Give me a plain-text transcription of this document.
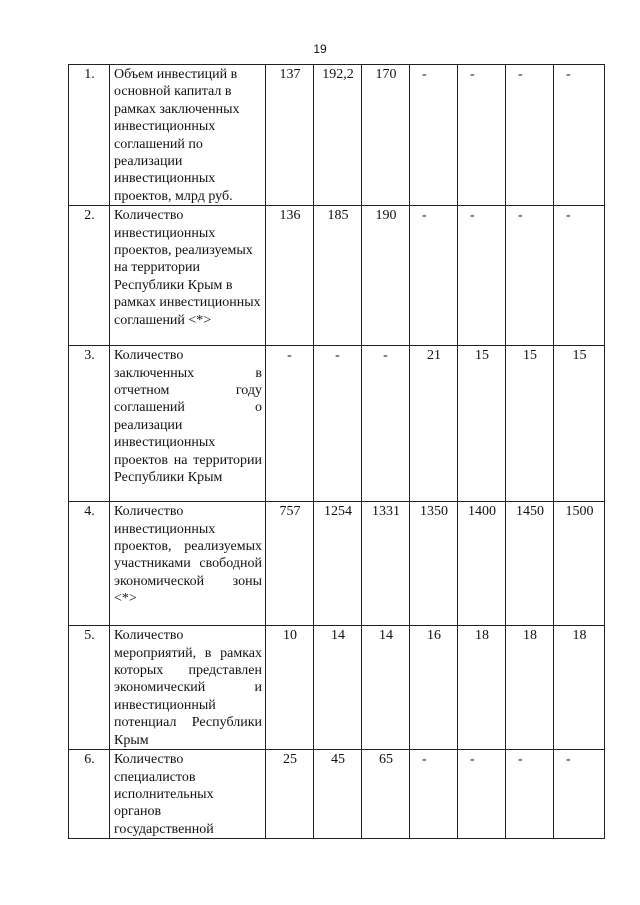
19
1.	Объем инвестиций в основной капитал в рамках заключенных инвестиционных соглашений по реализации инвестиционных проектов, млрд руб.	137	192,2	170	-	-	-	-
2.	Количество инвестиционных проектов, реализуемых на территории Республики Крым в рамках инвестиционных соглашений <*>	136	185	190	-	-	-	-
3.	Количество заключенных в отчетном году соглашений о реализации инвестиционных проектов на территории Республики Крым	-	-	-	21	15	15	15
4.	Количество инвестиционных проектов, реализуемых участниками свободной экономической зоны <*>	757	1254	1331	1350	1400	1450	1500
5.	Количество мероприятий, в рамках которых представлен экономический и инвестиционный потенциал Республики Крым	10	14	14	16	18	18	18
6.	Количество специалистов исполнительных органов государственной	25	45	65	-	-	-	-
